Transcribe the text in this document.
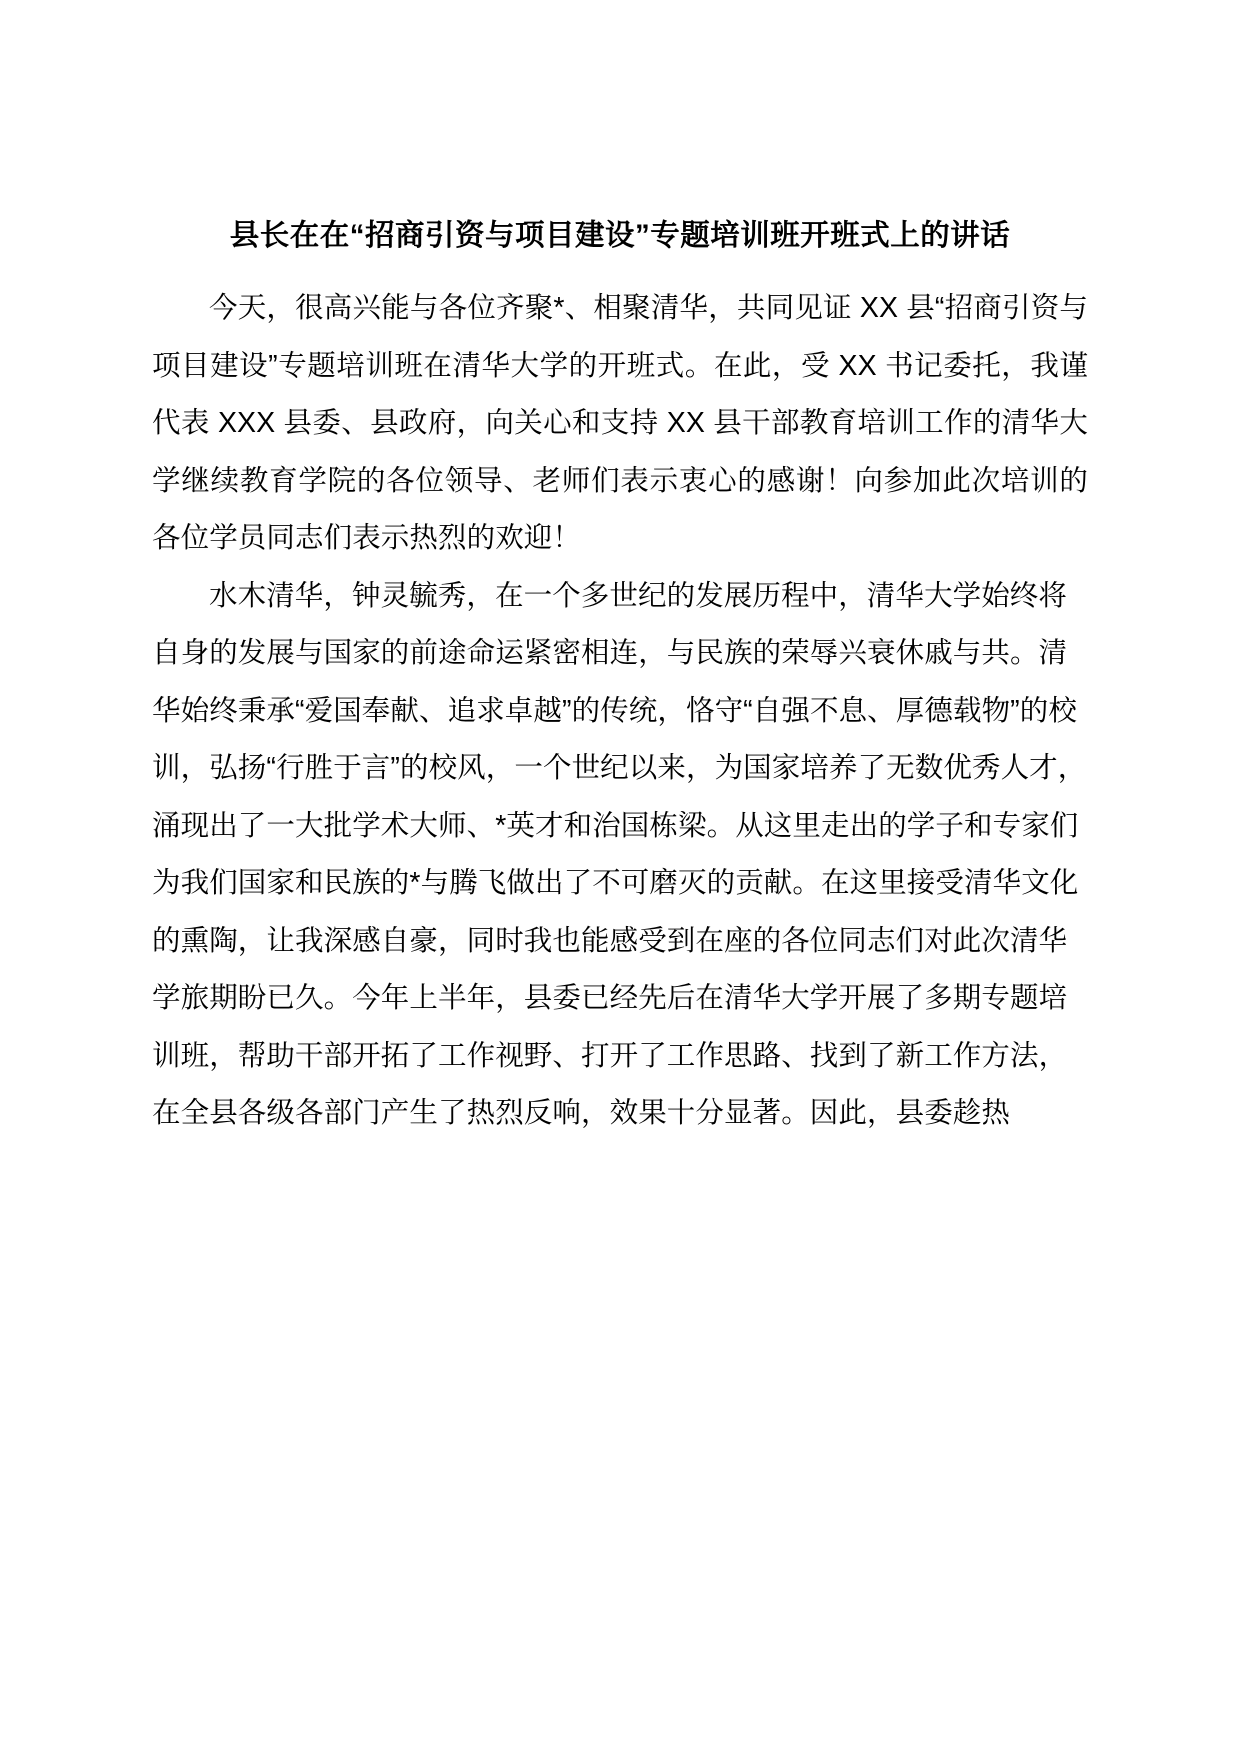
县长在在“招商引资与项目建设”专题培训班开班式上的讲话

今天，很高兴能与各位齐聚*、相聚清华，共同见证 XX 县“招商引资与项目建设”专题培训班在清华大学的开班式。在此，受 XX 书记委托，我谨代表 XXX 县委、县政府，向关心和支持 XX 县干部教育培训工作的清华大学继续教育学院的各位领导、老师们表示衷心的感谢！向参加此次培训的各位学员同志们表示热烈的欢迎！

水木清华，钟灵毓秀，在一个多世纪的发展历程中，清华大学始终将自身的发展与国家的前途命运紧密相连，与民族的荣辱兴衰休戚与共。清华始终秉承“爱国奉献、追求卓越”的传统，恪守“自强不息、厚德载物”的校训，弘扬“行胜于言”的校风，一个世纪以来，为国家培养了无数优秀人才，涌现出了一大批学术大师、*英才和治国栋梁。从这里走出的学子和专家们为我们国家和民族的*与腾飞做出了不可磨灭的贡献。在这里接受清华文化的熏陶，让我深感自豪，同时我也能感受到在座的各位同志们对此次清华学旅期盼已久。今年上半年，县委已经先后在清华大学开展了多期专题培训班，帮助干部开拓了工作视野、打开了工作思路、找到了新工作方法，在全县各级各部门产生了热烈反响，效果十分显著。因此，县委趁热
